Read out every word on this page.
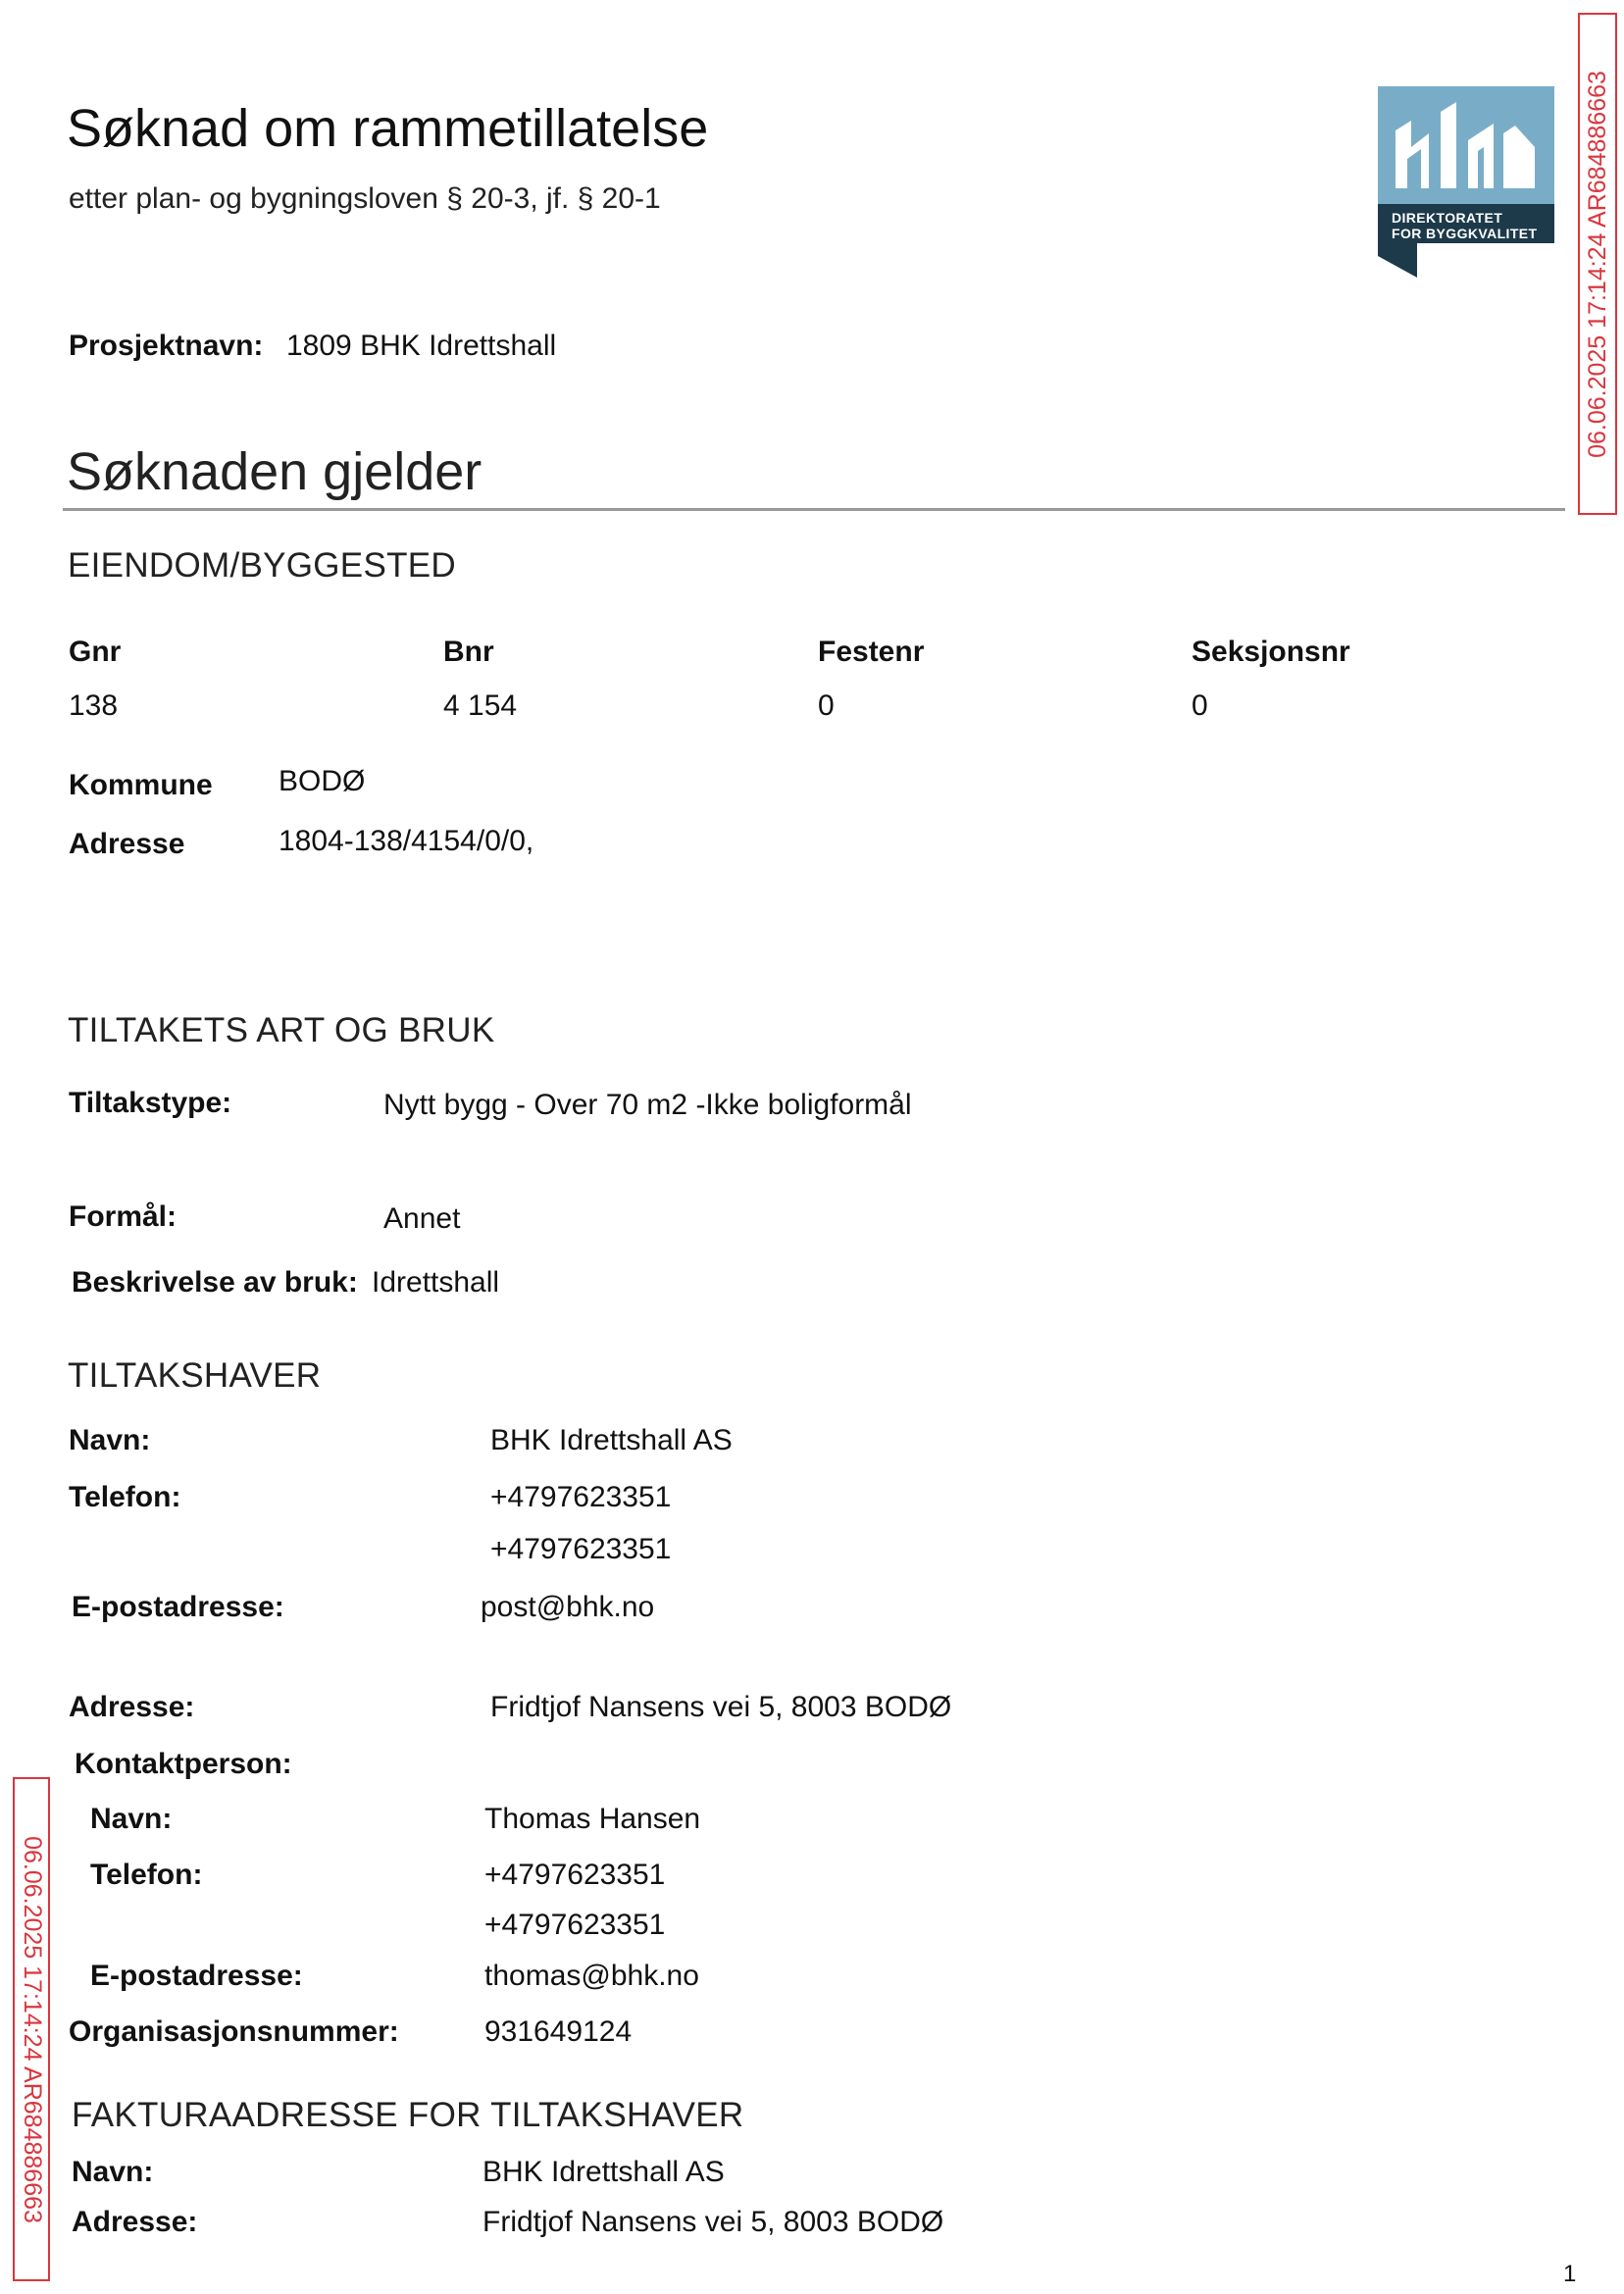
Søknad om rammetillatelse
etter plan- og bygningsloven § 20-3, jf. § 20-1
DIREKTORATET
FOR BYGGKVALITET 06.06.2025 17:14:24 AR684886663
06.06.2025 17:14:24 AR684886663
Prosjektnavn: 1809 BHK Idrettshall
Søknaden gjelder
EIENDOM/BYGGESTED
Gnr	Bnr	Festenr	Seksjonsnr
138	4 154	0	0
Kommune BODØ
Adresse	1804-138/4154/0/0,
TILTAKETS ART OG BRUK
Tiltakstype:	Nytt bygg - Over 70 m2 -Ikke boligformål
Formål:	Annet
Beskrivelse av bruk: Idrettshall
TILTAKSHAVER
Navn:	BHK Idrettshall AS
Telefon:	+4797623351
+4797623351
E-postadresse:	post@bhk.no
Adresse:	Fridtjof Nansens vei 5, 8003 BODØ
Kontaktperson:
Navn:	Thomas Hansen
Telefon:	+4797623351
+4797623351
E-postadresse:	thomas@bhk.no
Organisasjonsnummer:	931649124
FAKTURAADRESSE FOR TILTAKSHAVER
Navn:	BHK Idrettshall AS
Adresse:	Fridtjof Nansens vei 5, 8003 BODØ
1
